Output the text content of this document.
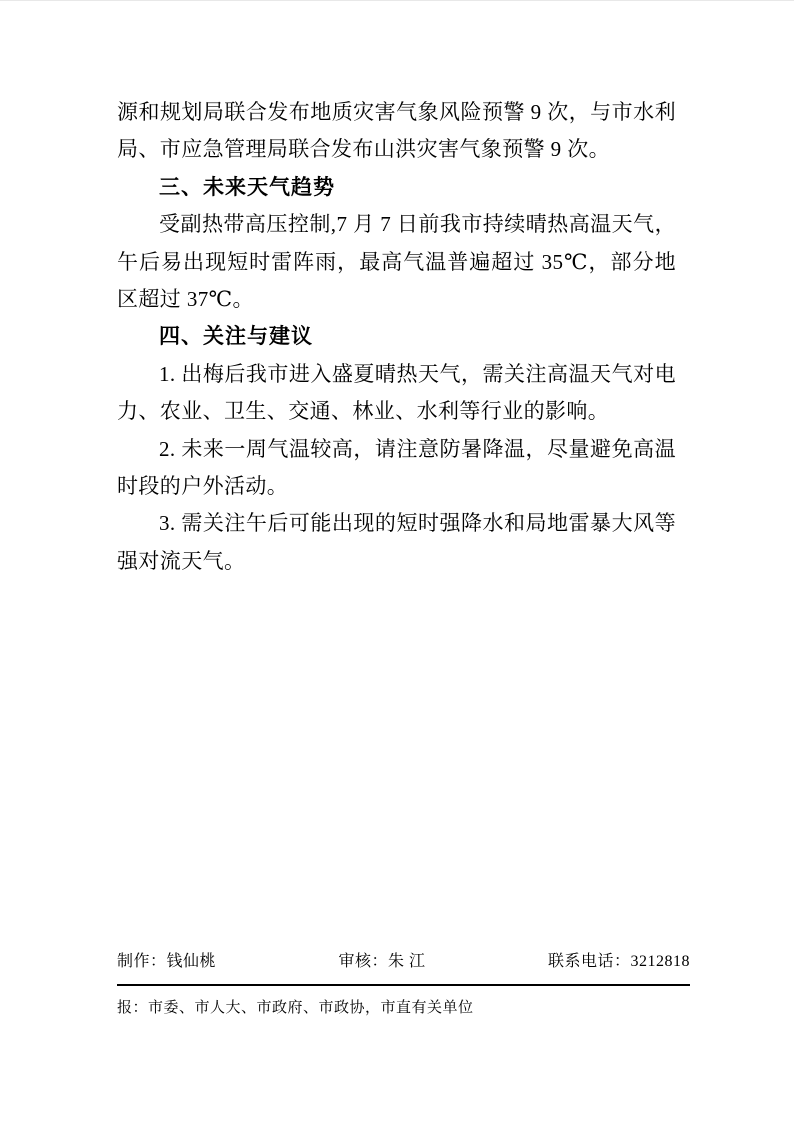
源和规划局联合发布地质灾害气象风险预警 9 次，与市水利局、市应急管理局联合发布山洪灾害气象预警 9 次。

三、未来天气趋势

受副热带高压控制,7 月 7 日前我市持续晴热高温天气，午后易出现短时雷阵雨，最高气温普遍超过 35℃，部分地区超过 37℃。

四、关注与建议

1. 出梅后我市进入盛夏晴热天气，需关注高温天气对电力、农业、卫生、交通、林业、水利等行业的影响。

2. 未来一周气温较高，请注意防暑降温，尽量避免高温时段的户外活动。

3. 需关注午后可能出现的短时强降水和局地雷暴大风等强对流天气。

制作：钱仙桃	审核：朱 江	联系电话：3212818

报：市委、市人大、市政府、市政协，市直有关单位
